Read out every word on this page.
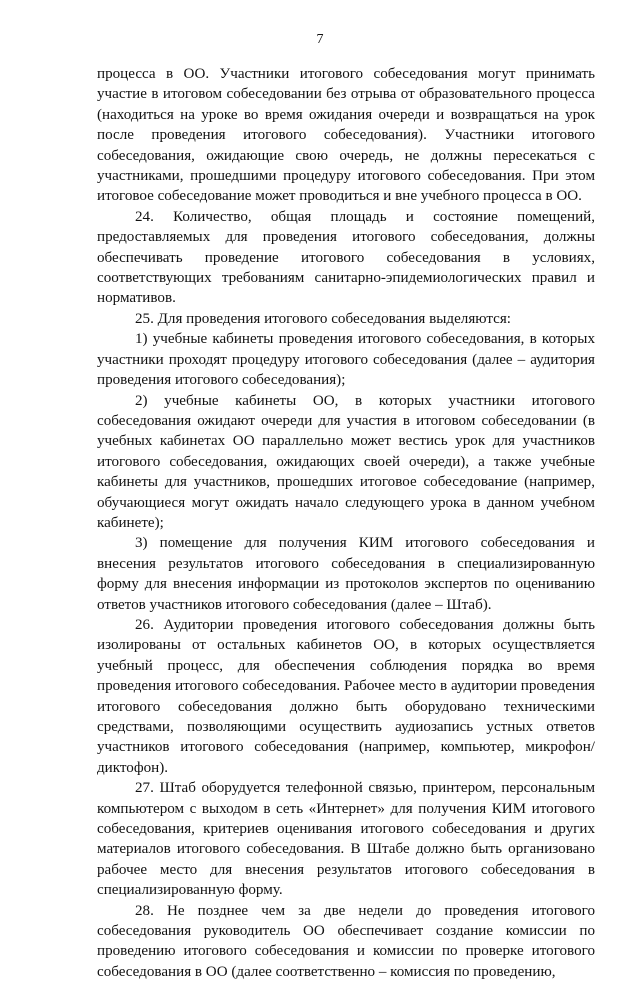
7

процесса в ОО. Участники итогового собеседования могут принимать участие в итоговом собеседовании без отрыва от образовательного процесса (находиться на уроке во время ожидания очереди и возвращаться на урок после проведения итогового собеседования). Участники итогового собеседования, ожидающие свою очередь, не должны пересекаться с участниками, прошедшими процедуру итогового собеседования. При этом итоговое собеседование может проводиться и вне учебного процесса в ОО.

24. Количество, общая площадь и состояние помещений, предоставляемых для проведения итогового собеседования, должны обеспечивать проведение итогового собеседования в условиях, соответствующих требованиям санитарно-эпидемиологических правил и нормативов.

25. Для проведения итогового собеседования выделяются:

1) учебные кабинеты проведения итогового собеседования, в которых участники проходят процедуру итогового собеседования (далее – аудитория проведения итогового собеседования);

2) учебные кабинеты ОО, в которых участники итогового собеседования ожидают очереди для участия в итоговом собеседовании (в учебных кабинетах ОО параллельно может вестись урок для участников итогового собеседования, ожидающих своей очереди), а также учебные кабинеты для участников, прошедших итоговое собеседование (например, обучающиеся могут ожидать начало следующего урока в данном учебном кабинете);

3) помещение для получения КИМ итогового собеседования и внесения результатов итогового собеседования в специализированную форму для внесения информации из протоколов экспертов по оцениванию ответов участников итогового собеседования (далее – Штаб).

26. Аудитории проведения итогового собеседования должны быть изолированы от остальных кабинетов ОО, в которых осуществляется учебный процесс, для обеспечения соблюдения порядка во время проведения итогового собеседования. Рабочее место в аудитории проведения итогового собеседования должно быть оборудовано техническими средствами, позволяющими осуществить аудиозапись устных ответов участников итогового собеседования (например, компьютер, микрофон/диктофон).

27. Штаб оборудуется телефонной связью, принтером, персональным компьютером с выходом в сеть «Интернет» для получения КИМ итогового собеседования, критериев оценивания итогового собеседования и других материалов итогового собеседования. В Штабе должно быть организовано рабочее место для внесения результатов итогового собеседования в специализированную форму.

28. Не позднее чем за две недели до проведения итогового собеседования руководитель ОО обеспечивает создание комиссии по проведению итогового собеседования и комиссии по проверке итогового собеседования в ОО (далее соответственно – комиссия по проведению,
